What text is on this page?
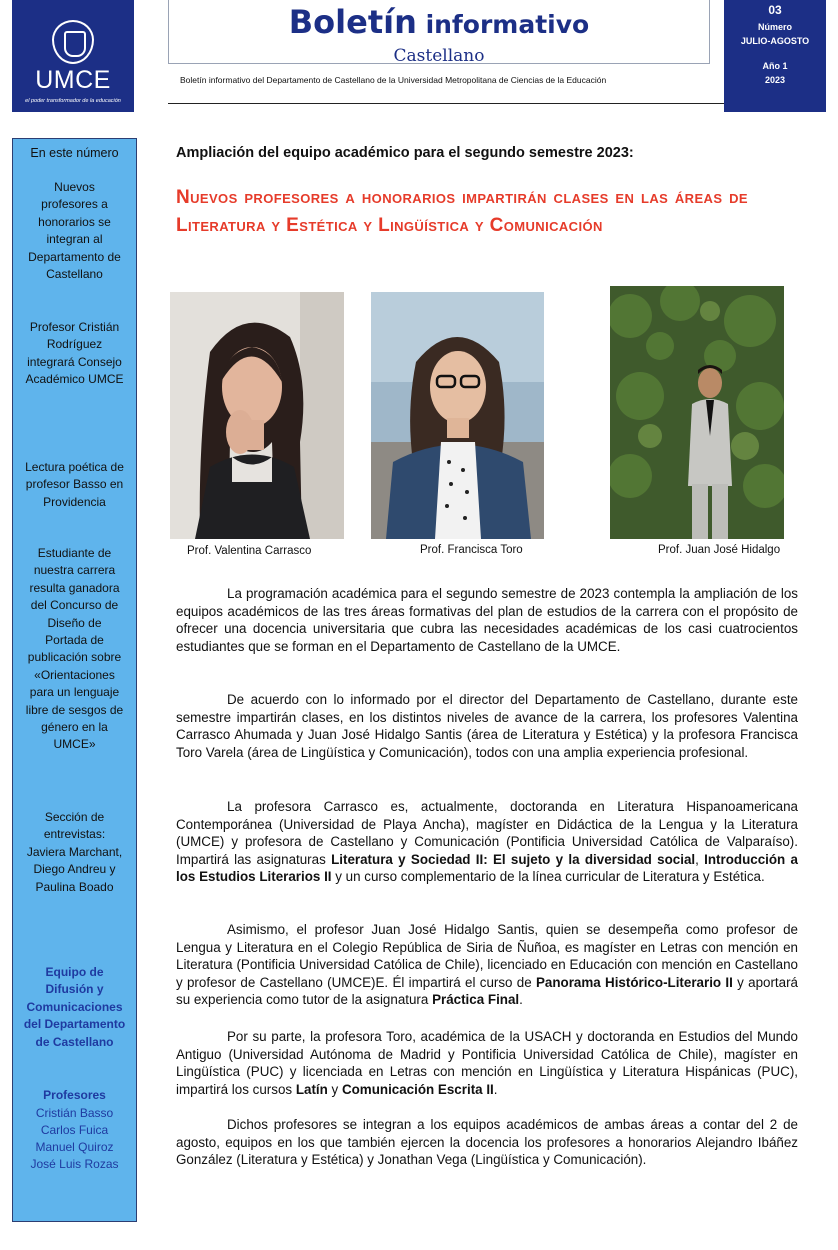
UMCE
el poder transformador de la educación
Boletín informativo
Castellano
Boletín informativo del Departamento de Castellano de la Universidad Metropolitana de Ciencias de la Educación
03
Número
JULIO-AGOSTO
Año 1
2023
En este número
Nuevos profesores a honorarios se integran al Departamento de Castellano
Profesor Cristián Rodríguez integrará Consejo Académico UMCE
Lectura poética de profesor Basso en Providencia
Estudiante de nuestra carrera resulta ganadora del Concurso de Diseño de Portada de publicación sobre «Orientaciones para un lenguaje libre de sesgos de género en la UMCE»
Sección de entrevistas: Javiera Marchant, Diego Andreu y Paulina Boado
Equipo de Difusión y Comunicaciones del Departamento de Castellano
Profesores
Cristián Basso
Carlos Fuica
Manuel Quiroz
José Luis Rozas
Ampliación del equipo académico para el segundo semestre 2023:
Nuevos profesores a honorarios impartirán clases en las áreas de Literatura y Estética y Lingüística y Comunicación
Prof. Valentina Carrasco	Prof. Francisca Toro	Prof. Juan José Hidalgo

La programación académica para el segundo semestre de 2023 contempla la ampliación de los equipos académicos de las tres áreas formativas del plan de estudios de la carrera con el propósito de ofrecer una docencia universitaria que cubra las necesidades académicas de los casi cuatrocientos estudiantes que se forman en el Departamento de Castellano de la UMCE.

De acuerdo con lo informado por el director del Departamento de Castellano, durante este semestre impartirán clases, en los distintos niveles de avance de la carrera, los profesores Valentina Carrasco Ahumada y Juan José Hidalgo Santis (área de Literatura y Estética) y la profesora Francisca Toro Varela (área de Lingüística y Comunicación), todos con una amplia experiencia profesional.

La profesora Carrasco es, actualmente, doctoranda en Literatura Hispanoamericana Contemporánea (Universidad de Playa Ancha), magíster en Didáctica de la Lengua y la Literatura (UMCE) y profesora de Castellano y Comunicación (Pontificia Universidad Católica de Valparaíso). Impartirá las asignaturas Literatura y Sociedad II: El sujeto y la diversidad social, Introducción a los Estudios Literarios II y un curso complementario de la línea curricular de Literatura y Estética.

Asimismo, el profesor Juan José Hidalgo Santis, quien se desempeña como profesor de Lengua y Literatura en el Colegio República de Siria de Ñuñoa, es magíster en Letras con mención en Literatura (Pontificia Universidad Católica de Chile), licenciado en Educación con mención en Castellano y profesor de Castellano (UMCE)E. Él impartirá el curso de Panorama Histórico-Literario II y aportará su experiencia como tutor de la asignatura Práctica Final.

Por su parte, la profesora Toro, académica de la USACH y doctoranda en Estudios del Mundo Antiguo (Universidad Autónoma de Madrid y Pontificia Universidad Católica de Chile), magíster en Lingüística (PUC) y licenciada en Letras con mención en Lingüística y Literatura Hispánicas (PUC), impartirá los cursos Latín y Comunicación Escrita II.

Dichos profesores se integran a los equipos académicos de ambas áreas a contar del 2 de agosto, equipos en los que también ejercen la docencia los profesores a honorarios Alejandro Ibáñez González (Literatura y Estética) y Jonathan Vega (Lingüística y Comunicación).
